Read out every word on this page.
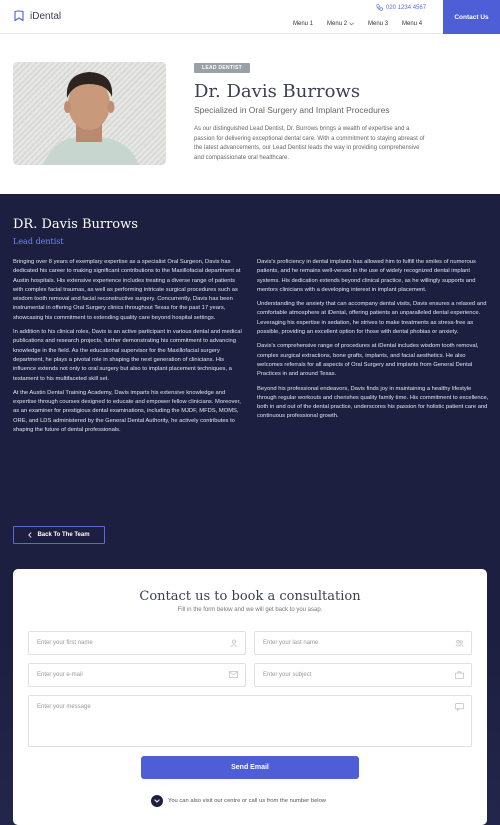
iDental
020 1234 4567
Menu 1 Menu 2	Menu 3 Menu 4
Contact Us
LEAD DENTIST
Dr. Davis Burrows
Specialized in Oral Surgery and Implant Procedures
As our distinguished Lead Dentist, Dr. Burrows brings a wealth of expertise and a passion for delivering exceptional dental care. With a commitment to staying abreast of the latest advancements, our Lead Dentist leads the way in providing comprehensive and compassionate oral healthcare.
DR. Davis Burrows
Lead dentist

Bringing over 8 years of exemplary expertise as a specialist Oral Surgeon, Davis has dedicated his career to making significant contributions to the Maxillofacial department at Austin hospitals. His extensive experience includes treating a diverse range of patients with complex facial traumas, as well as performing intricate surgical procedures such as wisdom tooth removal and facial reconstructive surgery. Concurrently, Davis has been instrumental in offering Oral Surgery clinics throughout Texas for the past 17 years, showcasing his commitment to extending quality care beyond hospital settings.

In addition to his clinical roles, Davis is an active participant in various dental and medical publications and research projects, further demonstrating his commitment to advancing knowledge in the field. As the educational supervisor for the Maxillofacial surgery department, he plays a pivotal role in shaping the next generation of clinicians. His influence extends not only to oral surgery but also to implant placement techniques, a testament to his multifaceted skill set.

At the Austin Dental Training Academy, Davis imparts his extensive knowledge and expertise through courses designed to educate and empower fellow clinicians. Moreover, as an examiner for prestigious dental examinations, including the MJDF, MFDS, MOMS, ORE, and LDS administered by the General Dental Authority, he actively contributes to shaping the future of dental professionals.

Davis's proficiency in dental implants has allowed him to fulfill the smiles of numerous patients, and he remains well-versed in the use of widely recognized dental implant systems. His dedication extends beyond clinical practice, as he willingly supports and mentors clinicians with a developing interest in implant placement.

Understanding the anxiety that can accompany dental visits, Davis ensures a relaxed and comfortable atmosphere at iDental, offering patients an unparalleled dental experience. Leveraging his expertise in sedation, he strives to make treatments as stress-free as possible, providing an excellent option for those with dental phobias or anxiety.

Davis's comprehensive range of procedures at iDental includes wisdom tooth removal, complex surgical extractions, bone grafts, implants, and facial aesthetics. He also welcomes referrals for all aspects of Oral Surgery and implants from General Dental Practices in and around Texas.

Beyond his professional endeavors, Davis finds joy in maintaining a healthy lifestyle through regular workouts and cherishes quality family time. His commitment to excellence, both in and out of the dental practice, underscores his passion for holistic patient care and continuous professional growth.

Back To The Team
Contact us to book a consultation
Fill in the form below and we will get back to you asap.
Enter your first name	Enter your last name
Enter your e-mail	Enter your subject
Enter your message
Send Email
You can also visit our centre or call us from the number below
